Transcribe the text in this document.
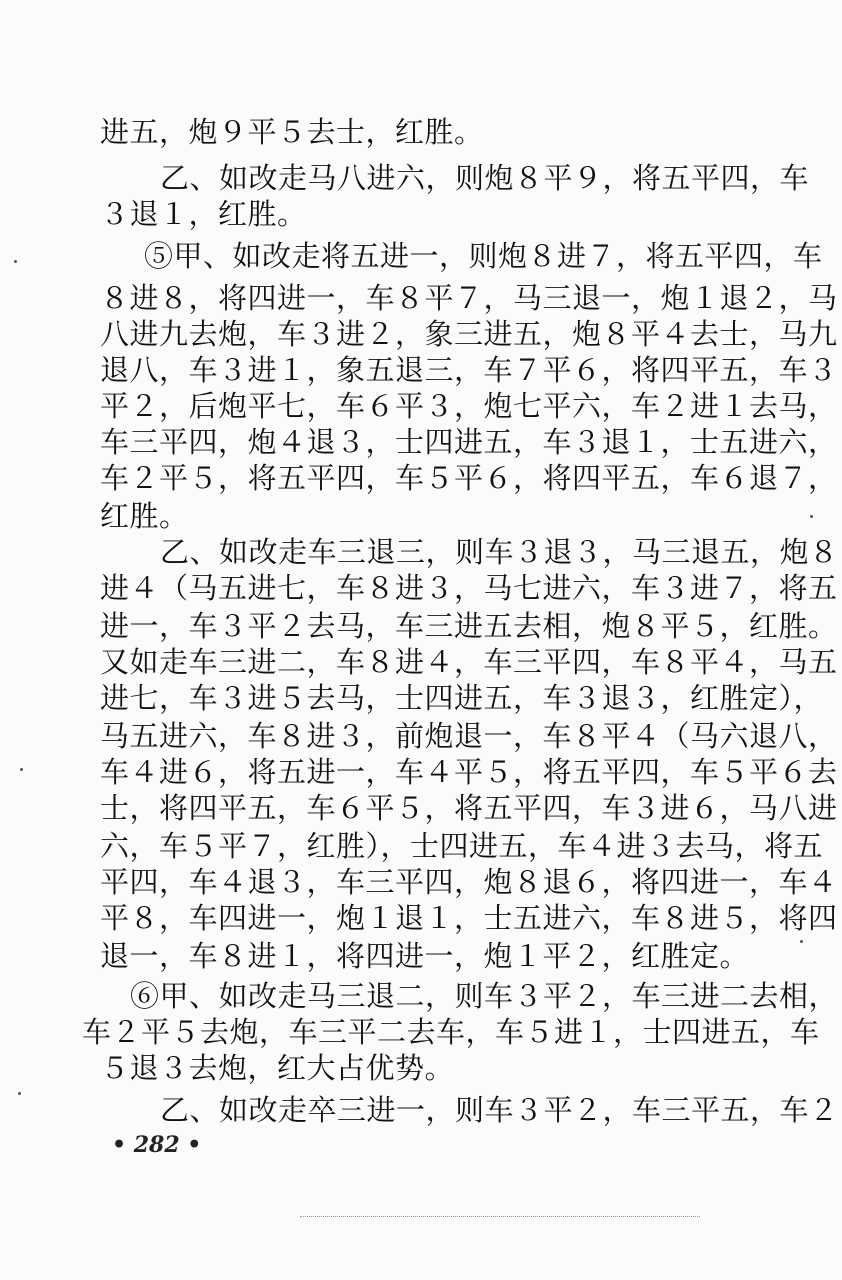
进五，炮９平５去士，红胜。
乙、如改走马八进六，则炮８平９，将五平四，车
３退１，红胜。
⑤甲、如改走将五进一，则炮８进７，将五平四，车
８进８，将四进一，车８平７，马三退一，炮１退２，马
八进九去炮，车３进２，象三进五，炮８平４去士，马九
退八，车３进１，象五退三，车７平６，将四平五，车３
平２，后炮平七，车６平３，炮七平六，车２进１去马，
车三平四，炮４退３，士四进五，车３退１，士五进六，
车２平５，将五平四，车５平６，将四平五，车６退７，
红胜。
乙、如改走车三退三，则车３退３，马三退五，炮８
进４（马五进七，车８进３，马七进六，车３进７，将五
进一，车３平２去马，车三进五去相，炮８平５，红胜。
又如走车三进二，车８进４，车三平四，车８平４，马五
进七，车３进５去马，士四进五，车３退３，红胜定），
马五进六，车８进３，前炮退一，车８平４（马六退八，
车４进６，将五进一，车４平５，将五平四，车５平６去
士，将四平五，车６平５，将五平四，车３进６，马八进
六，车５平７，红胜），士四进五，车４进３去马，将五
平四，车４退３，车三平四，炮８退６，将四进一，车４
平８，车四进一，炮１退１，士五进六，车８进５，将四
退一，车８进１，将四进一，炮１平２，红胜定。
⑥甲、如改走马三退二，则车３平２，车三进二去相，
车２平５去炮，车三平二去车，车５进１，士四进五，车
５退３去炮，红大占优势。
乙、如改走卒三进一，则车３平２，车三平五，车２
• 282 •
